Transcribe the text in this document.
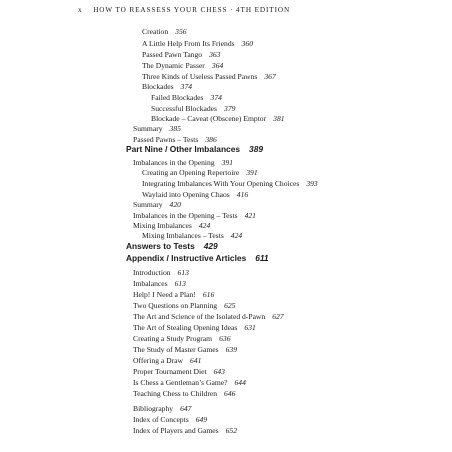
x HOW TO REASSESS YOUR CHESS · 4TH EDITION
Creation 356
A Little Help From Its Friends 360
Passed Pawn Tango 363
The Dynamic Passer 364
Three Kinds of Useless Passed Pawns 367
Blockades 374
Failed Blockades 374
Successful Blockades 379
Blockade – Caveat (Obscene) Emptor 381
Summary 385
Passed Pawns – Tests 386
Part Nine / Other Imbalances 389
Imbalances in the Opening 391
Creating an Opening Repertoire 391
Integrating Imbalances With Your Opening Choices 393
Waylaid into Opening Chaos 416
Summary 420
Imbalances in the Opening – Tests 421
Mixing Imbalances 424
Mixing Imbalances – Tests 424
Answers to Tests 429
Appendix / Instructive Articles 611
Introduction 613
Imbalances 613
Help! I Need a Plan! 616
Two Questions on Planning 625
The Art and Science of the Isolated d-Pawn 627
The Art of Stealing Opening Ideas 631
Creating a Study Program 636
The Study of Master Games 639
Offering a Draw 641
Proper Tournament Diet 643
Is Chess a Gentleman’s Game? 644
Teaching Chess to Children 646
Bibliography 647
Index of Concepts 649
Index of Players and Games 652
